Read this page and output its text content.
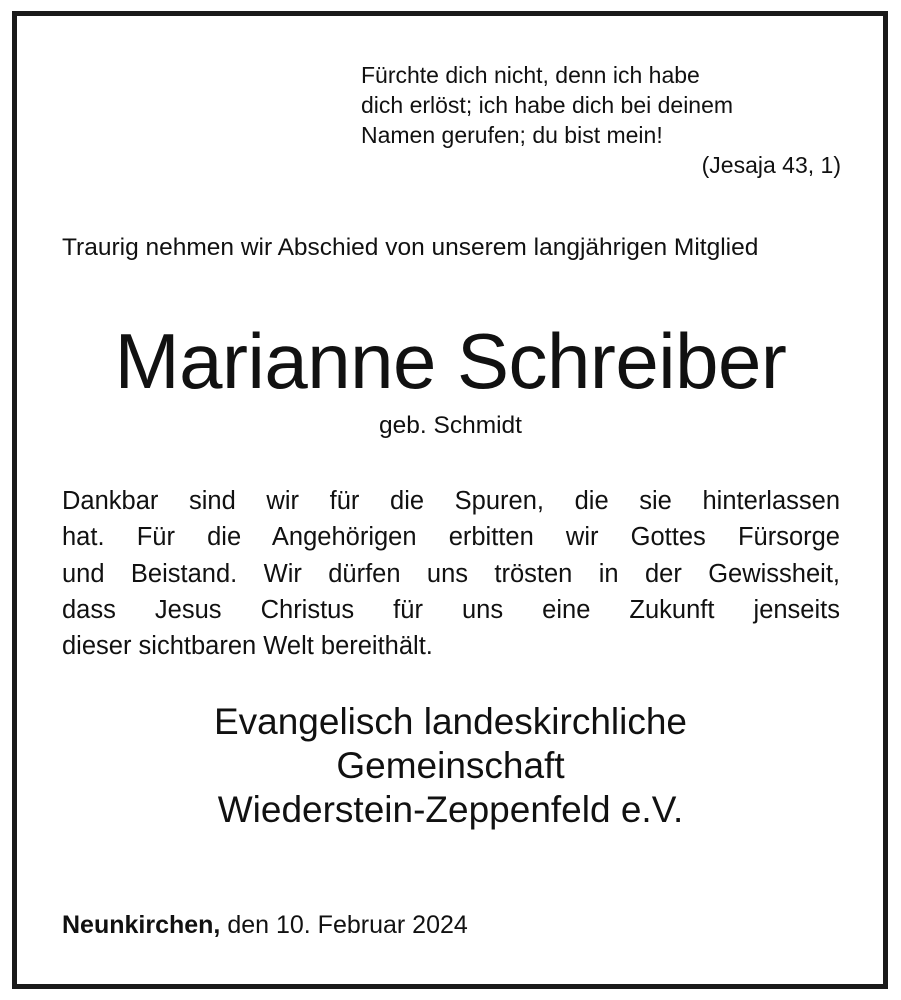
Fürchte dich nicht, denn ich habe
dich erlöst; ich habe dich bei deinem
Namen gerufen; du bist mein!
(Jesaja 43, 1)
Traurig nehmen wir Abschied von unserem langjährigen Mitglied
Marianne Schreiber
geb. Schmidt
Dankbar sind wir für die Spuren, die sie hinterlassen
hat. Für die Angehörigen erbitten wir Gottes Fürsorge
und Beistand. Wir dürfen uns trösten in der Gewissheit,
dass Jesus Christus für uns eine Zukunft jenseits
dieser sichtbaren Welt bereithält.
Evangelisch landeskirchliche
Gemeinschaft
Wiederstein-Zeppenfeld e.V.
Neunkirchen, den 10. Februar 2024
